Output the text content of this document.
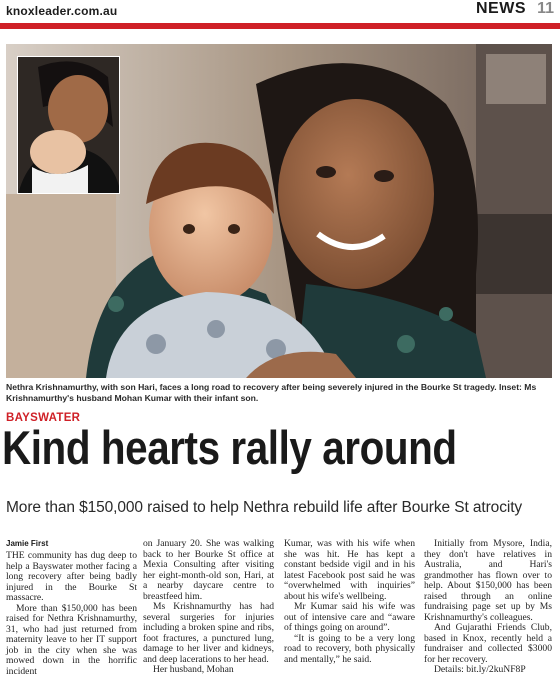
knoxleader.com.au	NEWS 11
Nethra Krishnamurthy, with son Hari, faces a long road to recovery after being severely injured in the Bourke St tragedy. Inset: Ms Krishnamurthy's husband Mohan Kumar with their infant son.
BAYSWATER
Kind hearts rally around
More than $150,000 raised to help Nethra rebuild life after Bourke St atrocity
Jamie First

THE community has dug deep to help a Bayswater mother facing a long recovery after being badly injured in the Bourke St massacre.

More than $150,000 has been raised for Nethra Krishnamurthy, 31, who had just returned from maternity leave to her IT support job in the city when she was mowed down in the horrific incident

on January 20. She was walking back to her Bourke St office at Mexia Consulting after visiting her eight-month-old son, Hari, at a nearby daycare centre to breastfeed him.

Ms Krishnamurthy has had several surgeries for injuries including a broken spine and ribs, foot fractures, a punctured lung, damage to her liver and kidneys, and deep lacerations to her head.

Her husband, Mohan

Kumar, was with his wife when she was hit. He has kept a constant bedside vigil and in his latest Facebook post said he was “overwhelmed with inquiries” about his wife's wellbeing.

Mr Kumar said his wife was out of intensive care and “aware of things going on around”.

“It is going to be a very long road to recovery, both physically and mentally,” he said.

Initially from Mysore, India, they don't have relatives in Australia, and Hari's grandmother has flown over to help. About $150,000 has been raised through an online fundraising page set up by Ms Krishnamurthy's colleagues.

And Gujarathi Friends Club, based in Knox, recently held a fundraiser and collected $3000 for her recovery.

Details: bit.ly/2kuNF8P
